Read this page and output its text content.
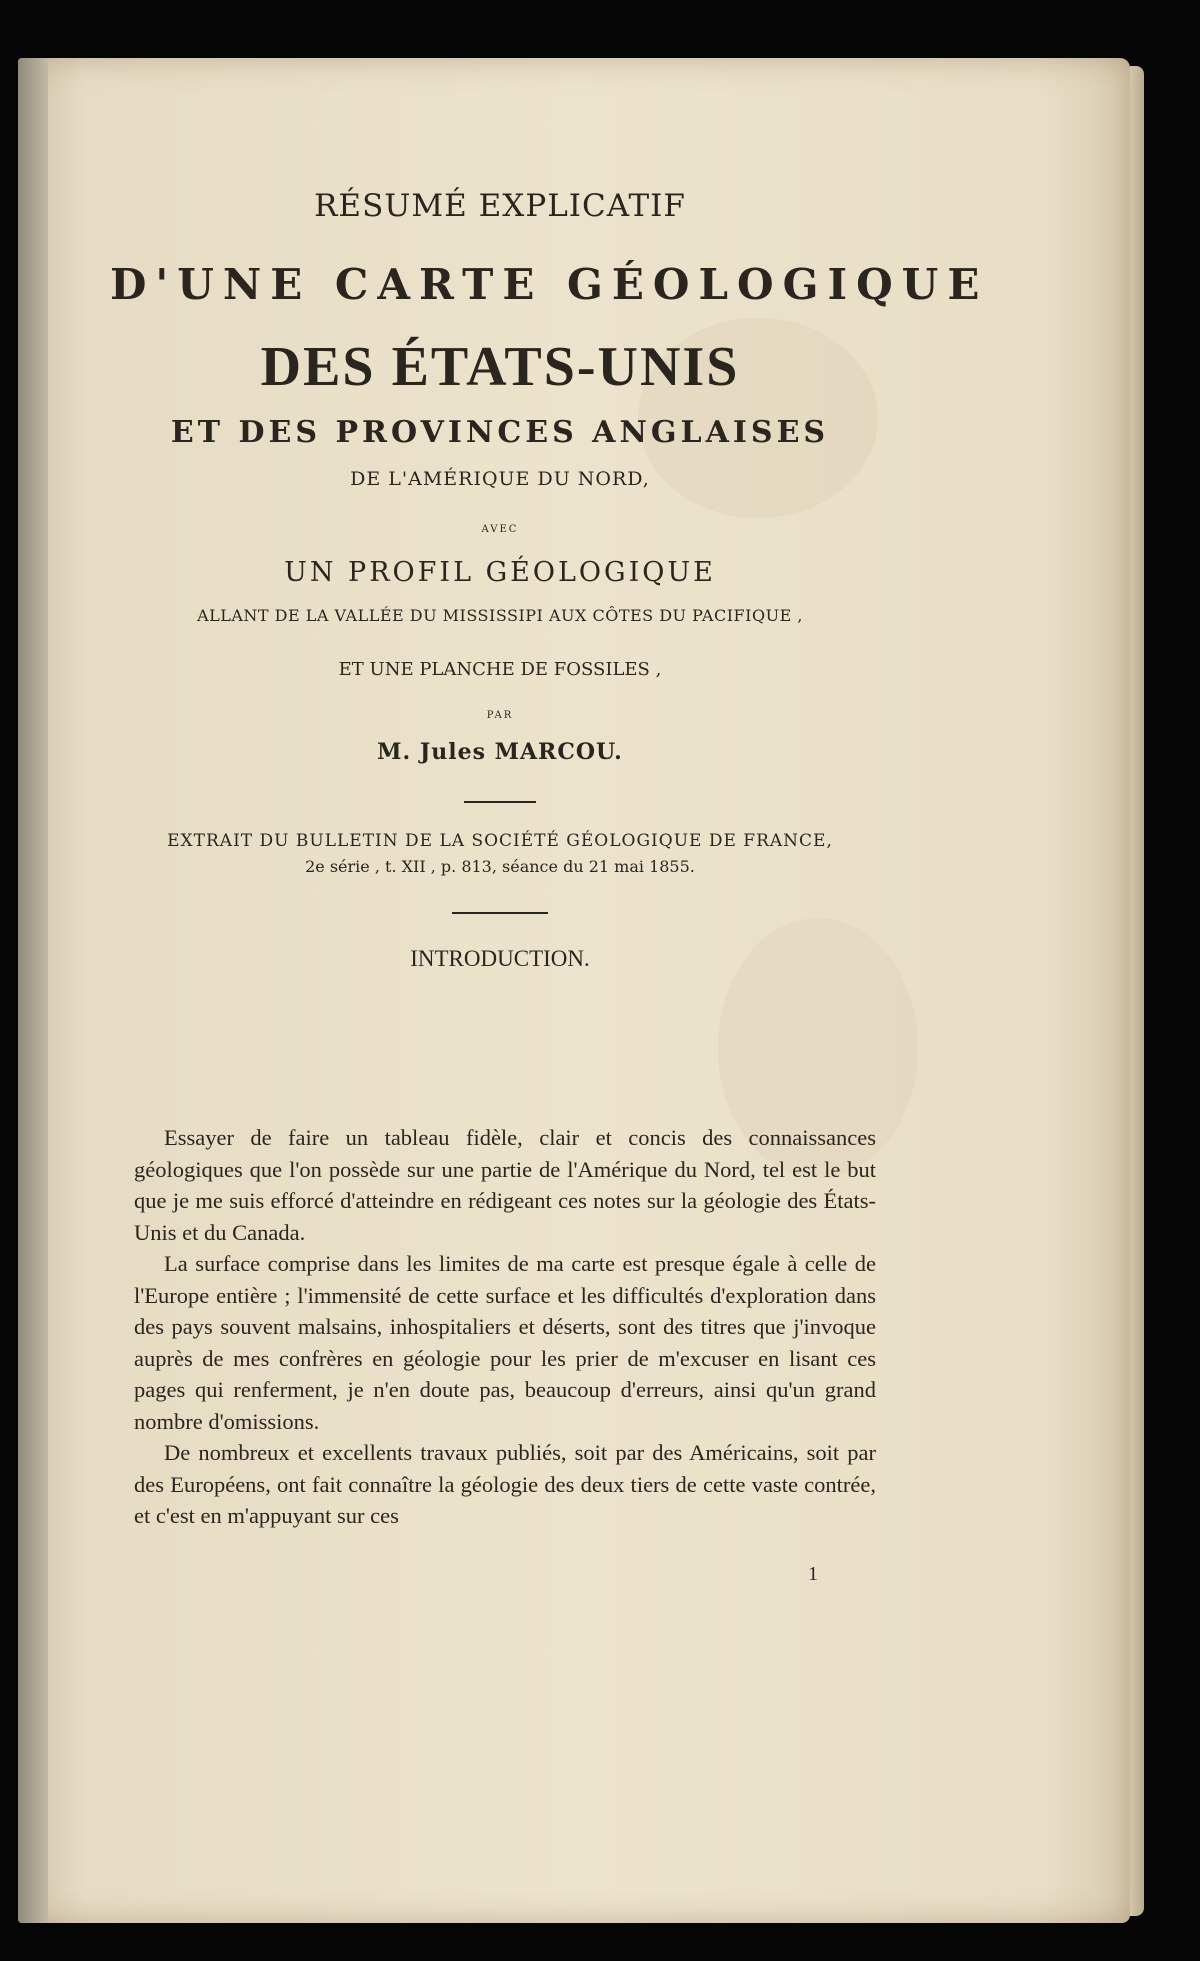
RÉSUMÉ EXPLICATIF
D'UNE CARTE GÉOLOGIQUE
DES ÉTATS-UNIS
ET DES PROVINCES ANGLAISES
DE L'AMÉRIQUE DU NORD,
AVEC
UN PROFIL GÉOLOGIQUE
ALLANT DE LA VALLÉE DU MISSISSIPI AUX CÔTES DU PACIFIQUE ,
ET UNE PLANCHE DE FOSSILES ,
PAR
M. Jules MARCOU.
EXTRAIT DU BULLETIN DE LA SOCIÉTÉ GÉOLOGIQUE DE FRANCE,
2e série , t. XII , p. 813, séance du 21 mai 1855.
INTRODUCTION.

Essayer de faire un tableau fidèle, clair et concis des connaissances géologiques que l'on possède sur une partie de l'Amérique du Nord, tel est le but que je me suis efforcé d'atteindre en rédigeant ces notes sur la géologie des États-Unis et du Canada.

La surface comprise dans les limites de ma carte est presque égale à celle de l'Europe entière ; l'immensité de cette surface et les difficultés d'exploration dans des pays souvent malsains, inhospitaliers et déserts, sont des titres que j'invoque auprès de mes confrères en géologie pour les prier de m'excuser en lisant ces pages qui renferment, je n'en doute pas, beaucoup d'erreurs, ainsi qu'un grand nombre d'omissions.

De nombreux et excellents travaux publiés, soit par des Américains, soit par des Européens, ont fait connaître la géologie des deux tiers de cette vaste contrée, et c'est en m'appuyant sur ces

1
